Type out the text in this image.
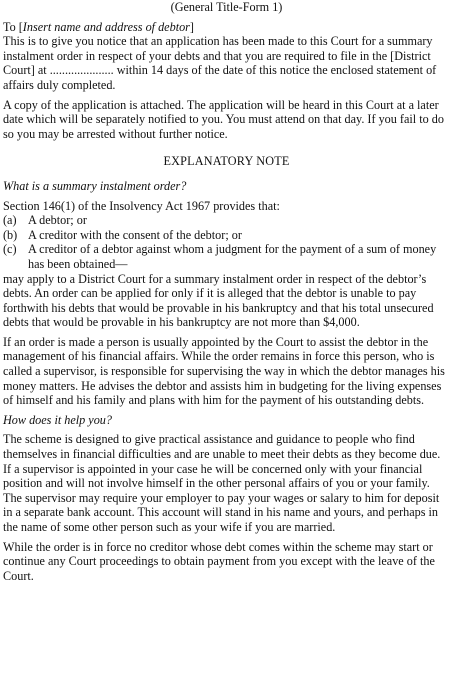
(General Title-Form 1)

To [Insert name and address of debtor]

This is to give you notice that an application has been made to this Court for a summary instalment order in respect of your debts and that you are required to file in the [District Court] at ..................... within 14 days of the date of this notice the enclosed statement of affairs duly completed.

A copy of the application is attached. The application will be heard in this Court at a later date which will be separately notified to you. You must attend on that day. If you fail to do so you may be arrested without further notice.

EXPLANATORY NOTE

What is a summary instalment order?

Section 146(1) of the Insolvency Act 1967 provides that:

(a) A debtor; or
(b) A creditor with the consent of the debtor; or
(c) A creditor of a debtor against whom a judgment for the payment of a sum of money has been obtained—

may apply to a District Court for a summary instalment order in respect of the debtor’s debts. An order can be applied for only if it is alleged that the debtor is unable to pay forthwith his debts that would be provable in his bankruptcy and that his total unsecured debts that would be provable in his bankruptcy are not more than $4,000.

If an order is made a person is usually appointed by the Court to assist the debtor in the management of his financial affairs. While the order remains in force this person, who is called a supervisor, is responsible for supervising the way in which the debtor manages his money matters. He advises the debtor and assists him in budgeting for the living expenses of himself and his family and plans with him for the payment of his outstanding debts.

How does it help you?

The scheme is designed to give practical assistance and guidance to people who find themselves in financial difficulties and are unable to meet their debts as they become due. If a supervisor is appointed in your case he will be concerned only with your financial position and will not involve himself in the other personal affairs of you or your family. The supervisor may require your employer to pay your wages or salary to him for deposit in a separate bank account. This account will stand in his name and yours, and perhaps in the name of some other person such as your wife if you are married.

While the order is in force no creditor whose debt comes within the scheme may start or continue any Court proceedings to obtain payment from you except with the leave of the Court.
